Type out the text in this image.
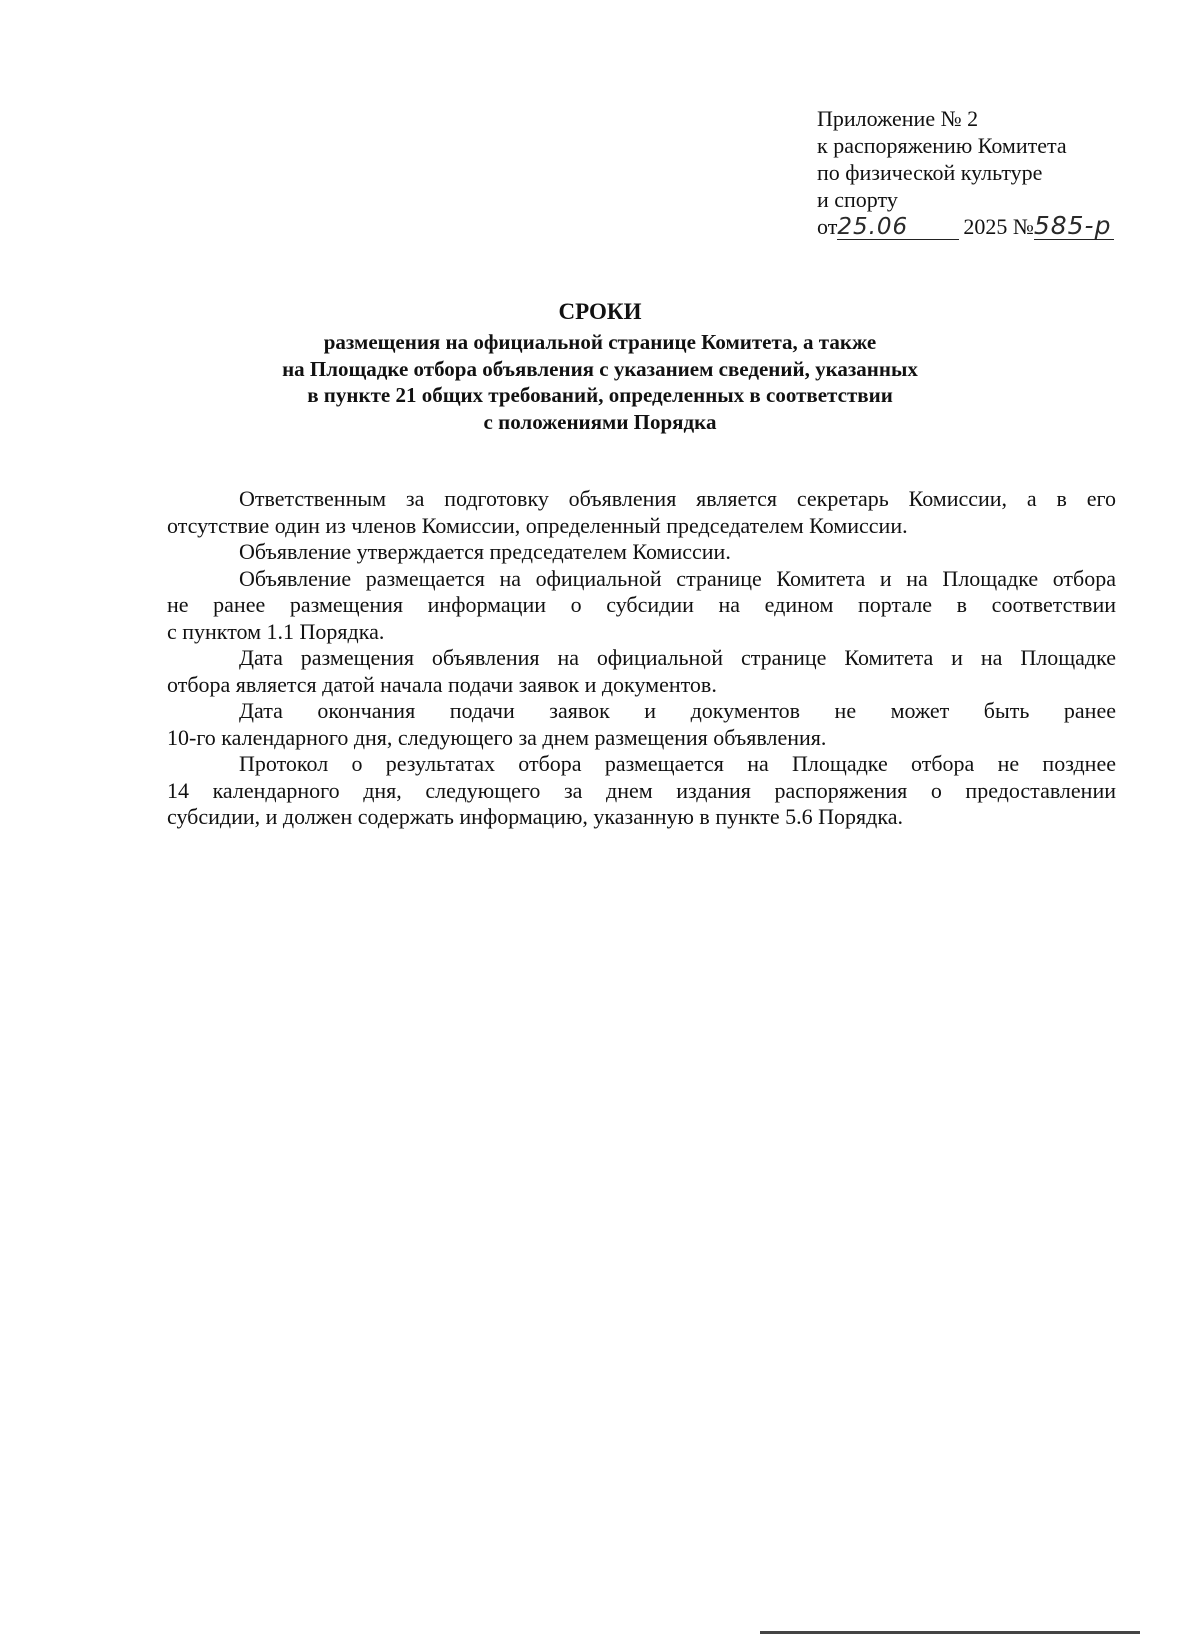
Приложение № 2
к распоряжению Комитета
по физической культуре
и спорту
от25.06	2025 №585-р
СРОКИ
размещения на официальной странице Комитета, а также
на Площадке отбора объявления с указанием сведений, указанных
в пункте 21 общих требований, определенных в соответствии
с положениями Порядка
Ответственным за подготовку объявления является секретарь Комиссии, а в его
отсутствие один из членов Комиссии, определенный председателем Комиссии.
Объявление утверждается председателем Комиссии.
Объявление размещается на официальной странице Комитета и на Площадке отбора
не ранее размещения информации о субсидии на едином портале в соответствии
с пунктом 1.1 Порядка.
Дата размещения объявления на официальной странице Комитета и на Площадке
отбора является датой начала подачи заявок и документов.
Дата окончания подачи заявок и документов не может быть ранее
10-го календарного дня, следующего за днем размещения объявления.
Протокол о результатах отбора размещается на Площадке отбора не позднее
14 календарного дня, следующего за днем издания распоряжения о предоставлении
субсидии, и должен содержать информацию, указанную в пункте 5.6 Порядка.
